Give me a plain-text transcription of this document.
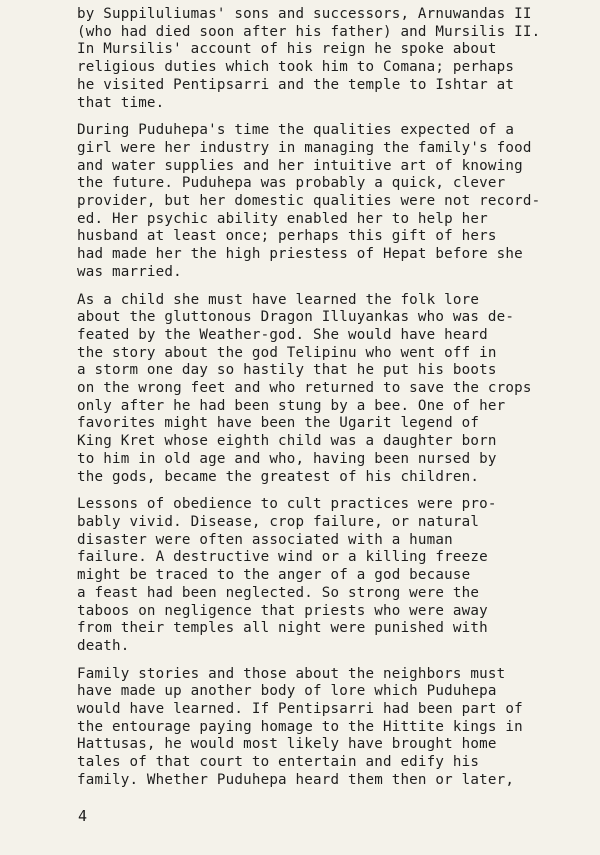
by Suppiluliumas' sons and successors, Arnuwandas II
(who had died soon after his father) and Mursilis II.
In Mursilis' account of his reign he spoke about
religious duties which took him to Comana; perhaps
he visited Pentipsarri and the temple to Ishtar at
that time.

During Puduhepa's time the qualities expected of a
girl were her industry in managing the family's food
and water supplies and her intuitive art of knowing
the future. Puduhepa was probably a quick, clever
provider, but her domestic qualities were not record-
ed. Her psychic ability enabled her to help her
husband at least once; perhaps this gift of hers
had made her the high priestess of Hepat before she
was married.

As a child she must have learned the folk lore
about the gluttonous Dragon Illuyankas who was de-
feated by the Weather-god. She would have heard
the story about the god Telipinu who went off in
a storm one day so hastily that he put his boots
on the wrong feet and who returned to save the crops
only after he had been stung by a bee. One of her
favorites might have been the Ugarit legend of
King Kret whose eighth child was a daughter born
to him in old age and who, having been nursed by
the gods, became the greatest of his children.

Lessons of obedience to cult practices were pro-
bably vivid. Disease, crop failure, or natural
disaster were often associated with a human
failure. A destructive wind or a killing freeze
might be traced to the anger of a god because
a feast had been neglected. So strong were the
taboos on negligence that priests who were away
from their temples all night were punished with
death.

Family stories and those about the neighbors must
have made up another body of lore which Puduhepa
would have learned. If Pentipsarri had been part of
the entourage paying homage to the Hittite kings in
Hattusas, he would most likely have brought home
tales of that court to entertain and edify his
family. Whether Puduhepa heard them then or later,

4
